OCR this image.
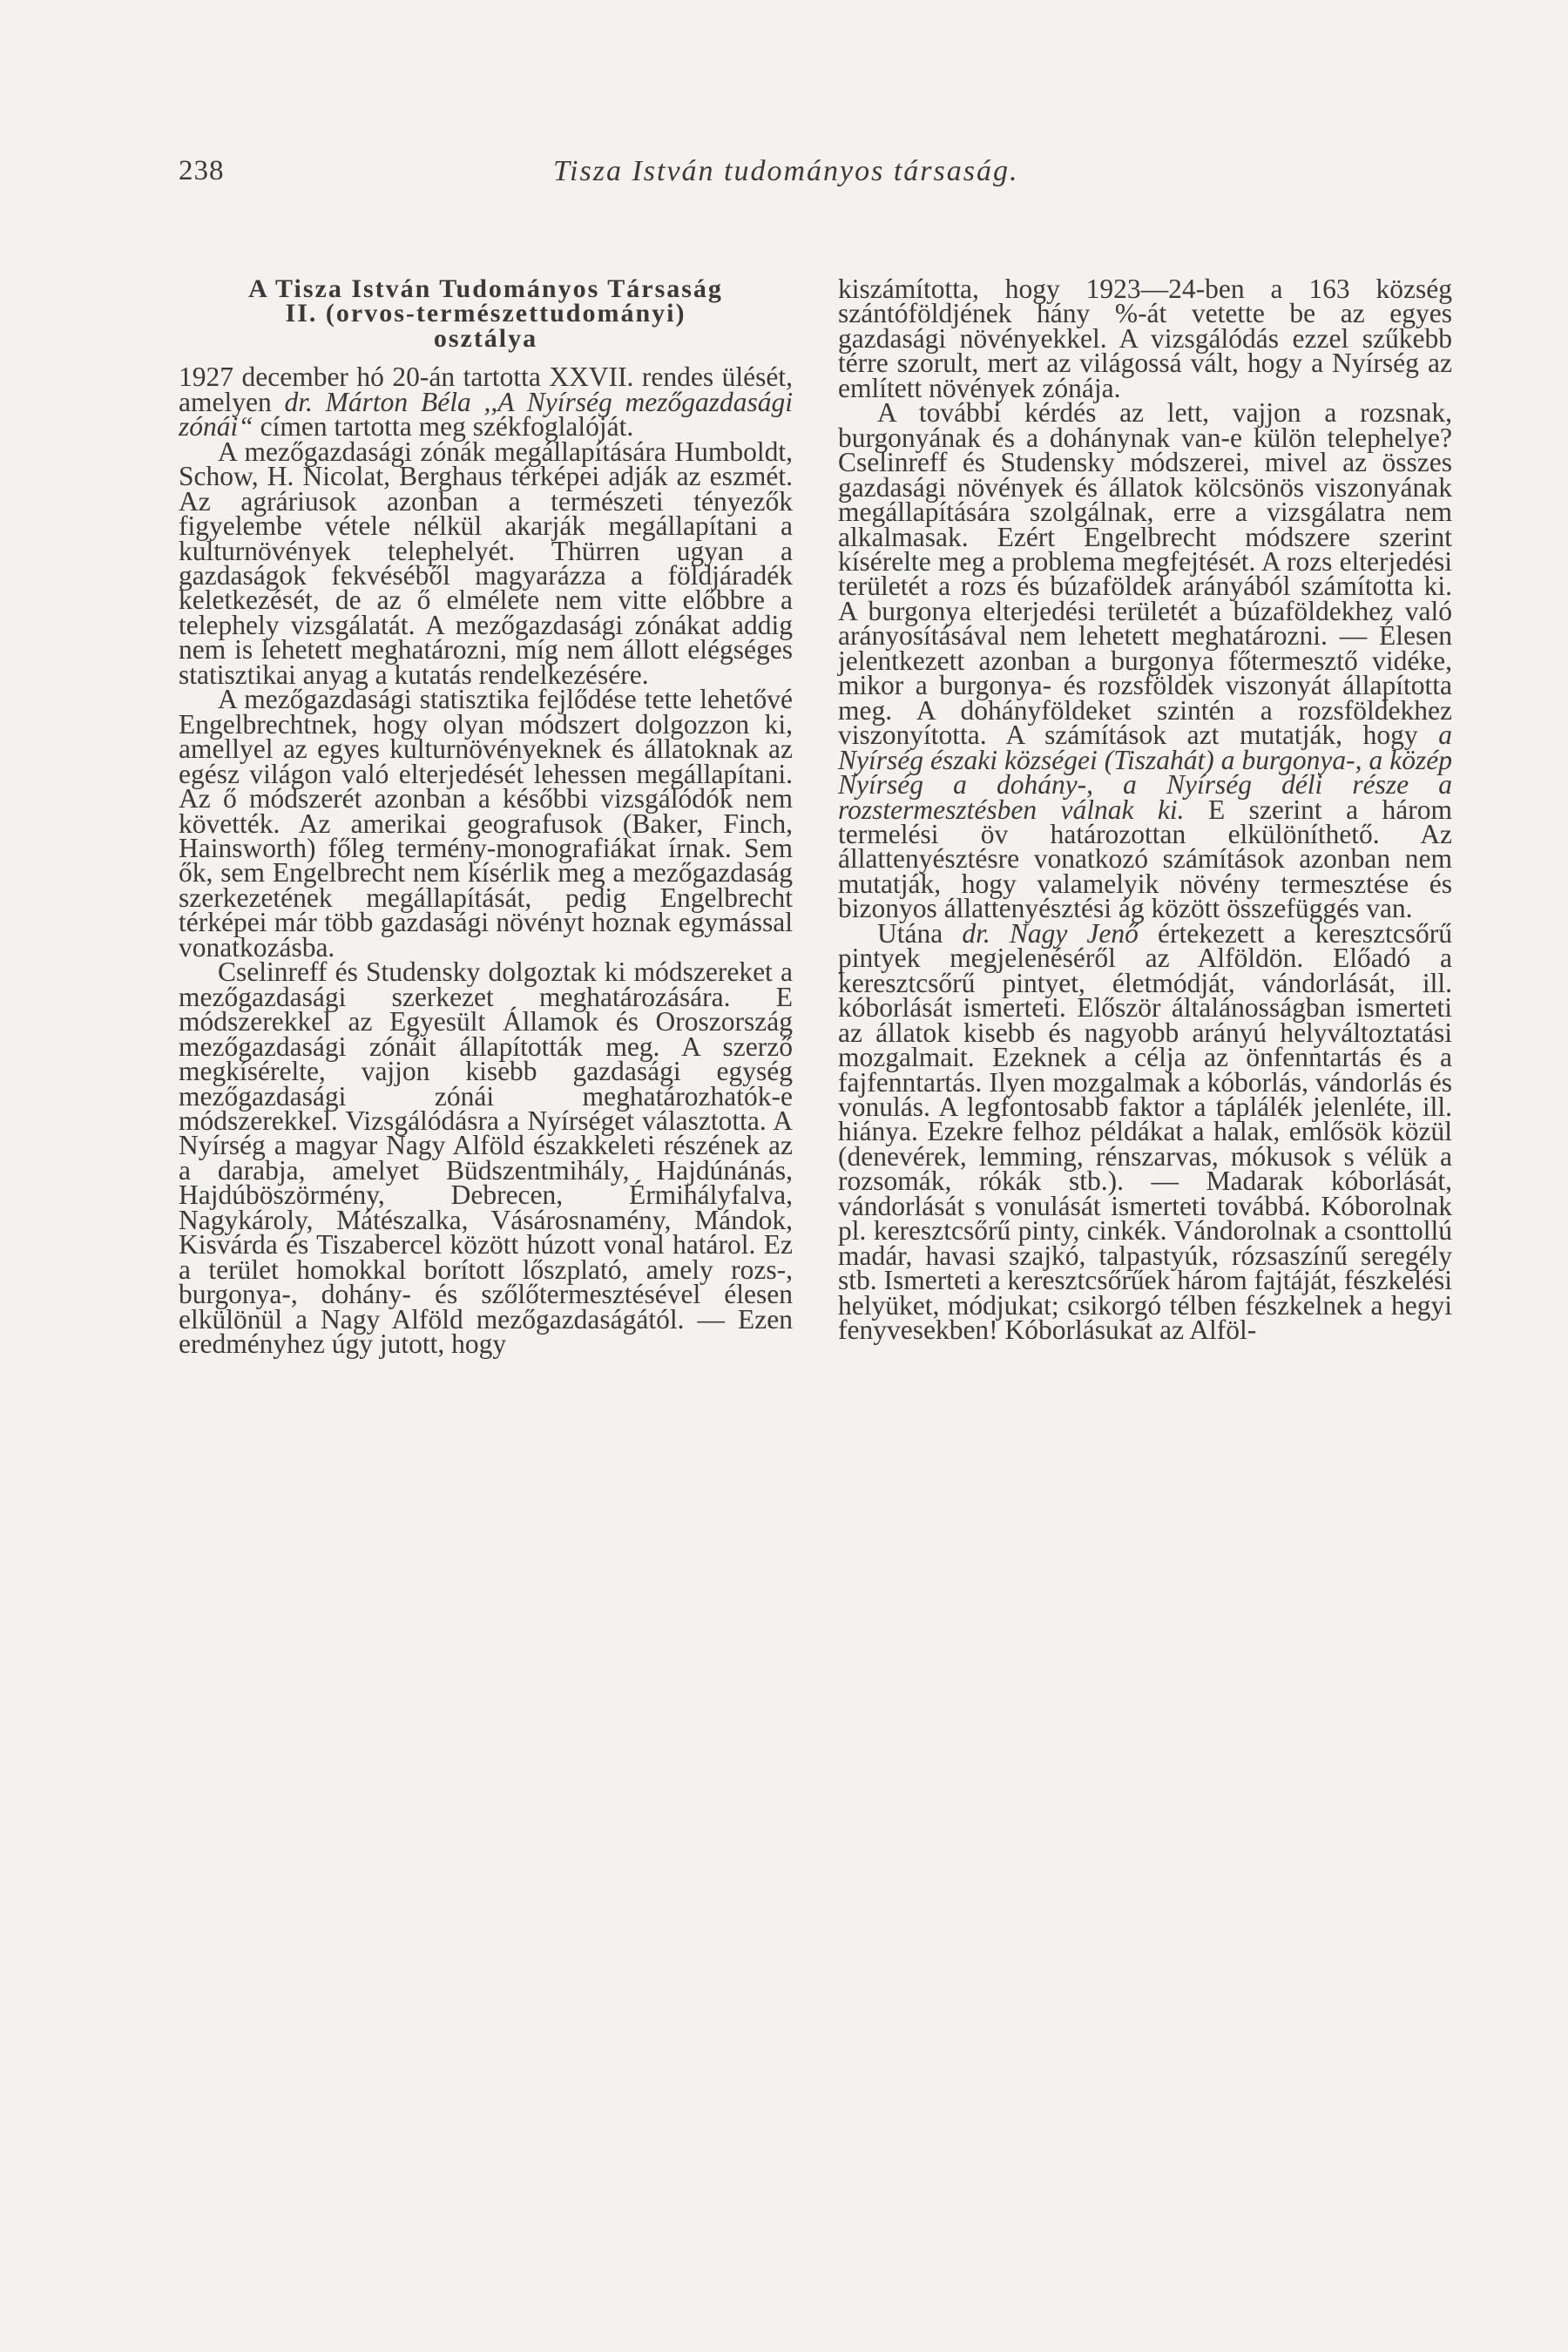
238	Tisza István tudományos társaság.

A Tisza István Tudományos Társaság

II. (orvos-természettudományi)

osztálya

1927 december hó 20-án tartotta XXVII. rendes ülését, amelyen dr. Márton Béla ,,A Nyírség mezőgazdasági zónái“ címen tartotta meg székfoglalóját.

A mezőgazdasági zónák megállapítására Humboldt, Schow, H. Nicolat, Berghaus térképei adják az eszmét. Az agráriusok azonban a természeti tényezők figyelembe vétele nélkül akarják megállapítani a kulturnövények telephelyét. Thürren ugyan a gazdaságok fekvéséből magyarázza a földjáradék keletkezését, de az ő elmélete nem vitte előbbre a telephely vizsgálatát. A mezőgazdasági zónákat addig nem is lehetett meghatározni, míg nem állott elégséges statisztikai anyag a kutatás rendelkezésére.

A mezőgazdasági statisztika fejlődése tette lehetővé Engelbrechtnek, hogy olyan módszert dolgozzon ki, amellyel az egyes kulturnövényeknek és állatoknak az egész világon való elterjedését lehessen megállapítani. Az ő módszerét azonban a későbbi vizsgálódók nem követték. Az amerikai geografusok (Baker, Finch, Hainsworth) főleg termény-monografiákat írnak. Sem ők, sem Engelbrecht nem kísérlik meg a mezőgazdaság szerkezetének megállapítását, pedig Engelbrecht térképei már több gazdasági növényt hoznak egymással vonatkozásba.

Cselinreff és Studensky dolgoztak ki módszereket a mezőgazdasági szerkezet meghatározására. E módszerekkel az Egyesült Államok és Oroszország mezőgazdasági zónáit állapították meg. A szerző megkísérelte, vajjon kisebb gazdasági egység mezőgazdasági zónái meghatározhatók-e módszerekkel. Vizsgálódásra a Nyírséget választotta. A Nyírség a magyar Nagy Alföld északkeleti részének az a darabja, amelyet Büdszentmihály, Hajdúnánás, Hajdúböszörmény, Debrecen, Érmihályfalva, Nagykároly, Mátészalka, Vásárosnamény, Mándok, Kisvárda és Tiszabercel között húzott vonal határol. Ez a terület homokkal borított lőszplató, amely rozs-, burgonya-, dohány- és szőlőtermesztésével élesen elkülönül a Nagy Alföld mezőgazdaságától. — Ezen eredményhez úgy jutott, hogy

kiszámította, hogy 1923—24-ben a 163 község szántóföldjének hány %-át vetette be az egyes gazdasági növényekkel. A vizsgálódás ezzel szűkebb térre szorult, mert az világossá vált, hogy a Nyírség az említett növények zónája.

A további kérdés az lett, vajjon a rozsnak, burgonyának és a dohánynak van-e külön telephelye? Cselinreff és Studensky módszerei, mivel az összes gazdasági növények és állatok kölcsönös viszonyának megállapítására szolgálnak, erre a vizsgálatra nem alkalmasak. Ezért Engelbrecht módszere szerint kísérelte meg a problema megfejtését. A rozs elterjedési területét a rozs és búzaföldek arányából számította ki. A burgonya elterjedési területét a búzaföldekhez való arányosításával nem lehetett meghatározni. — Élesen jelentkezett azonban a burgonya főtermesztő vidéke, mikor a burgonya- és rozsföldek viszonyát állapította meg. A dohányföldeket szintén a rozsföldekhez viszonyította. A számítások azt mutatják, hogy a Nyírség északi községei (Tiszahát) a burgonya-, a közép Nyírség a dohány-, a Nyírség déli része a rozstermesztésben válnak ki. E szerint a három termelési öv határozottan elkülöníthető. Az állattenyésztésre vonatkozó számítások azonban nem mutatják, hogy valamelyik növény termesztése és bizonyos állattenyésztési ág között összefüggés van.

Utána dr. Nagy Jenő értekezett a keresztcsőrű pintyek megjelenéséről az Alföldön. Előadó a keresztcsőrű pintyet, életmódját, vándorlását, ill. kóborlását ismerteti. Először általánosságban ismerteti az állatok kisebb és nagyobb arányú helyváltoztatási mozgalmait. Ezeknek a célja az önfenntartás és a fajfenntartás. Ilyen mozgalmak a kóborlás, vándorlás és vonulás. A legfontosabb faktor a táplálék jelenléte, ill. hiánya. Ezekre felhoz példákat a halak, emlősök közül (denevérek, lemming, rénszarvas, mókusok s vélük a rozsomák, rókák stb.). — Madarak kóborlását, vándorlását s vonulását ismerteti továbbá. Kóborolnak pl. keresztcsőrű pinty, cinkék. Vándorolnak a csonttollú madár, havasi szajkó, talpastyúk, rózsaszínű seregély stb. Ismerteti a keresztcsőrűek három fajtáját, fészkelési helyüket, módjukat; csikorgó télben fészkelnek a hegyi fenyvesekben! Kóborlásukat az Alföl-
